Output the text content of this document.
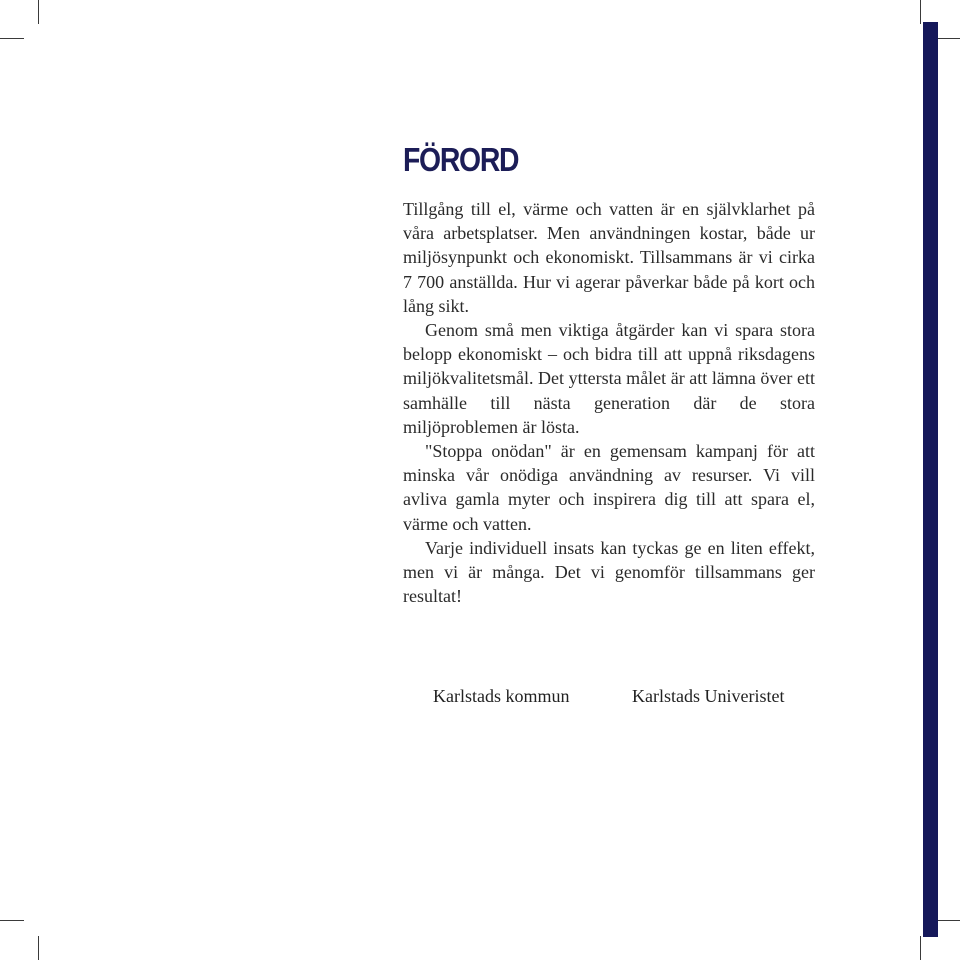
FÖRORD

Tillgång till el, värme och vatten är en självklarhet på våra arbetsplatser. Men användningen kostar, både ur miljösynpunkt och ekonomiskt. Tillsammans är vi cirka 7 700 anställda. Hur vi agerar påverkar både på kort och lång sikt.

Genom små men viktiga åtgärder kan vi spara stora belopp ekonomiskt – och bidra till att uppnå riksdagens miljökvalitetsmål. Det yttersta målet är att lämna över ett samhälle till nästa generation där de stora miljöproblemen är lösta.

"Stoppa onödan" är en gemensam kampanj för att minska vår onödiga användning av resurser. Vi vill avliva gamla myter och inspirera dig till att spara el, värme och vatten.

Varje individuell insats kan tyckas ge en liten effekt, men vi är många. Det vi genomför tillsammans ger resultat!

Karlstads kommun	Karlstads Univeristet
